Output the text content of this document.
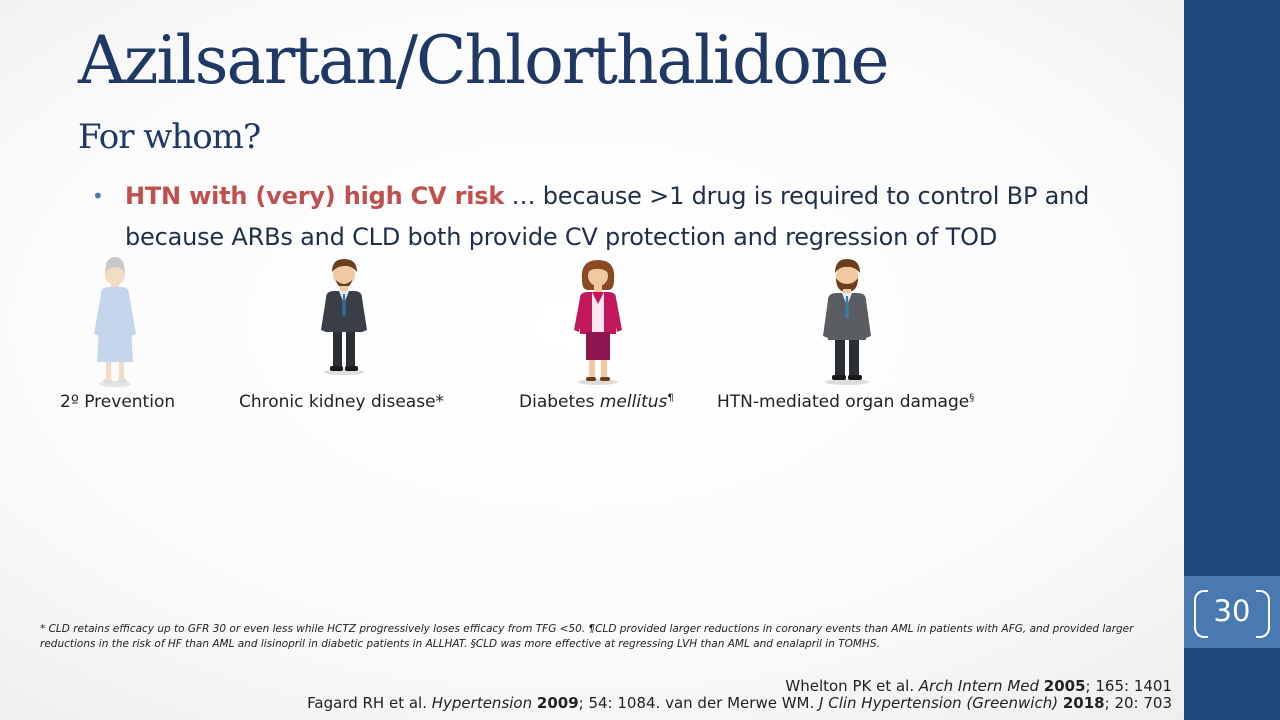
30
Azilsartan/Chlorthalidone
For whom?
• HTN with (very) high CV risk … because >1 drug is required to control BP and because ARBs and CLD both provide CV protection and regression of TOD
2º Prevention	Chronic kidney disease*	Diabetes mellitus¶	HTN-mediated organ damage§
* CLD retains efficacy up to GFR 30 or even less while HCTZ progressively loses efficacy from TFG <50. ¶CLD provided larger reductions in coronary events than AML in patients with AFG, and provided larger reductions in the risk of HF than AML and lisinopril in diabetic patients in ALLHAT. §CLD was more effective at regressing LVH than AML and enalapril in TOMHS.
Whelton PK et al. Arch Intern Med 2005; 165: 1401
Fagard RH et al. Hypertension 2009; 54: 1084. van der Merwe WM. J Clin Hypertension (Greenwich) 2018; 20: 703
